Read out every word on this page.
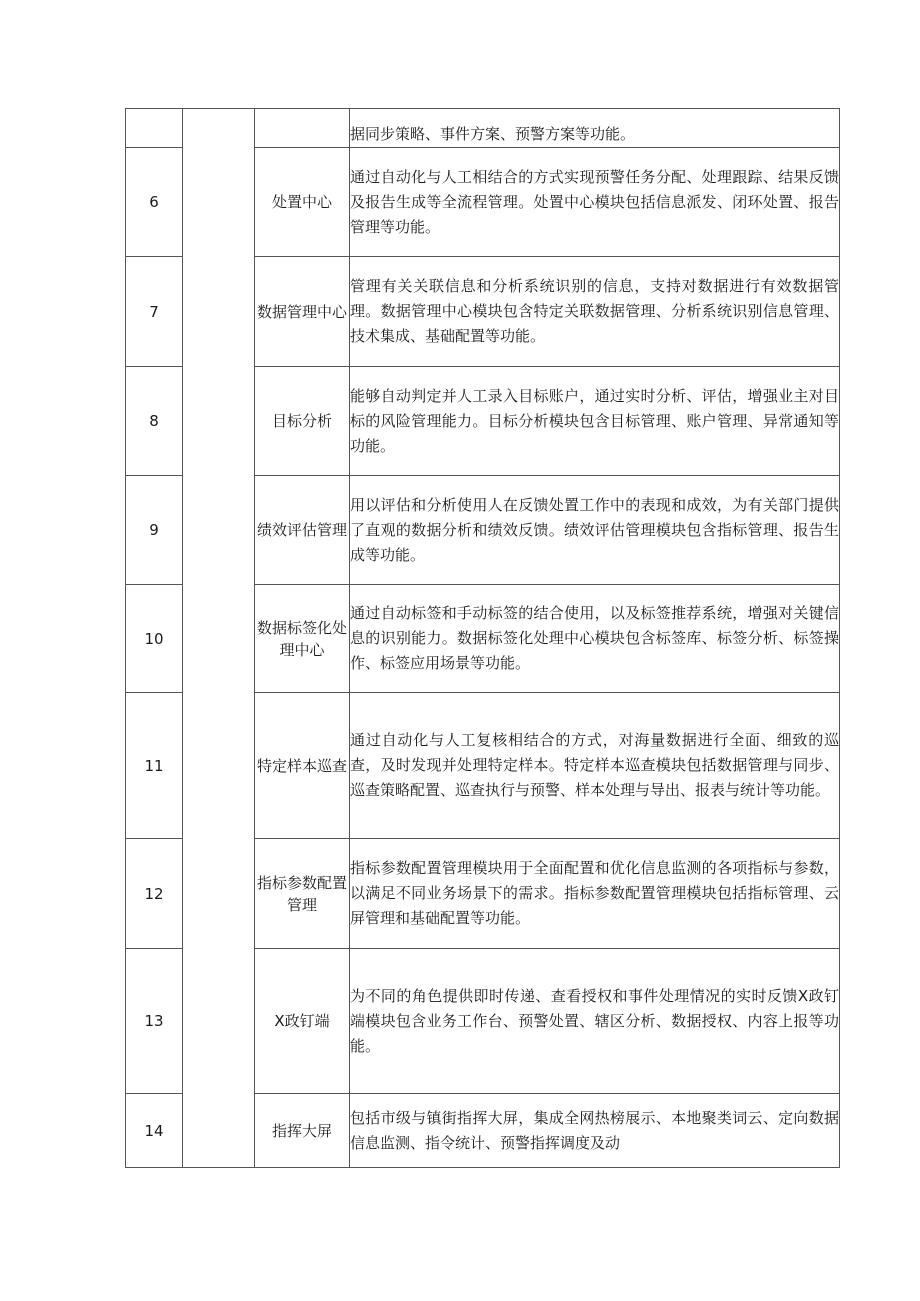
			据同步策略、事件方案、预警方案等功能。

6		处置中心	通过自动化与人工相结合的方式实现预警任务分配、处理跟踪、结果反馈及报告生成等全流程管理。处置中心模块包括信息派发、闭环处置、报告管理等功能。

7		数据管理中心	管理有关关联信息和分析系统识别的信息，支持对数据进行有效数据管理。数据管理中心模块包含特定关联数据管理、分析系统识别信息管理、技术集成、基础配置等功能。

8		目标分析	能够自动判定并人工录入目标账户，通过实时分析、评估，增强业主对目标的风险管理能力。目标分析模块包含目标管理、账户管理、异常通知等功能。

9		绩效评估管理	用以评估和分析使用人在反馈处置工作中的表现和成效，为有关部门提供了直观的数据分析和绩效反馈。绩效评估管理模块包含指标管理、报告生成等功能。

10		数据标签化处理中心	通过自动标签和手动标签的结合使用，以及标签推荐系统，增强对关键信息的识别能力。数据标签化处理中心模块包含标签库、标签分析、标签操作、标签应用场景等功能。

11		特定样本巡查	通过自动化与人工复核相结合的方式，对海量数据进行全面、细致的巡查，及时发现并处理特定样本。特定样本巡查模块包括数据管理与同步、巡查策略配置、巡查执行与预警、样本处理与导出、报表与统计等功能。

12		指标参数配置管理	指标参数配置管理模块用于全面配置和优化信息监测的各项指标与参数，以满足不同业务场景下的需求。指标参数配置管理模块包括指标管理、云屏管理和基础配置等功能。

13		X政钉端	为不同的角色提供即时传递、查看授权和事件处理情况的实时反馈X政钉端模块包含业务工作台、预警处置、辖区分析、数据授权、内容上报等功能。

14		指挥大屏	包括市级与镇街指挥大屏，集成全网热榜展示、本地聚类词云、定向数据信息监测、指令统计、预警指挥调度及动
